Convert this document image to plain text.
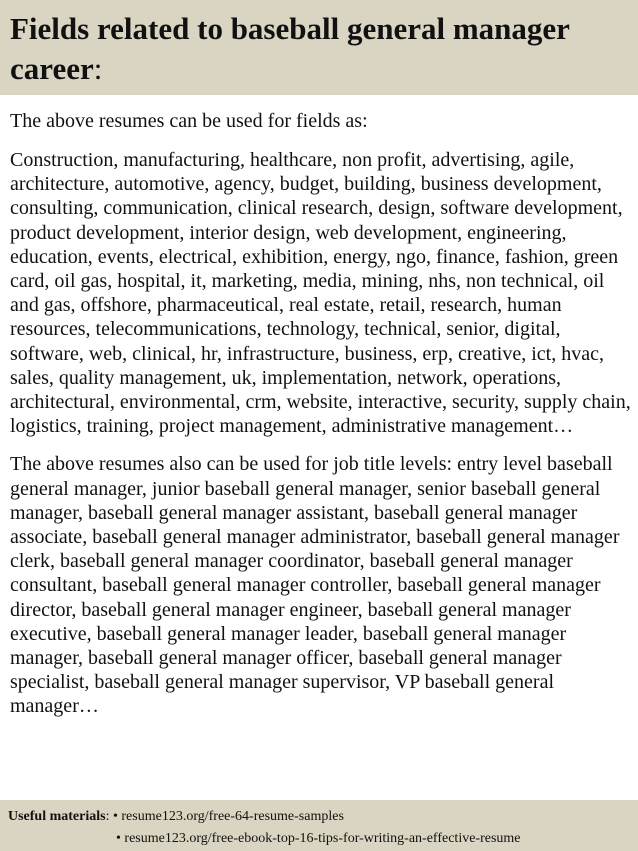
Fields related to baseball general manager career:

The above resumes can be used for fields as:

Construction, manufacturing, healthcare, non profit, advertising, agile, architecture, automotive, agency, budget, building, business development, consulting, communication, clinical research, design, software development, product development, interior design, web development, engineering, education, events, electrical, exhibition, energy, ngo, finance, fashion, green card, oil gas, hospital, it, marketing, media, mining, nhs, non technical, oil and gas, offshore, pharmaceutical, real estate, retail, research, human resources, telecommunications, technology, technical, senior, digital, software, web, clinical, hr, infrastructure, business, erp, creative, ict, hvac, sales, quality management, uk, implementation, network, operations, architectural, environmental, crm, website, interactive, security, supply chain, logistics, training, project management, administrative management…

The above resumes also can be used for job title levels: entry level baseball general manager, junior baseball general manager, senior baseball general manager, baseball general manager assistant, baseball general manager associate, baseball general manager administrator, baseball general manager clerk, baseball general manager coordinator, baseball general manager consultant, baseball general manager controller, baseball general manager director, baseball general manager engineer, baseball general manager executive, baseball general manager leader, baseball general manager manager, baseball general manager officer, baseball general manager specialist, baseball general manager supervisor, VP baseball general manager…

Useful materials: • resume123.org/free-64-resume-samples
• resume123.org/free-ebook-top-16-tips-for-writing-an-effective-resume
